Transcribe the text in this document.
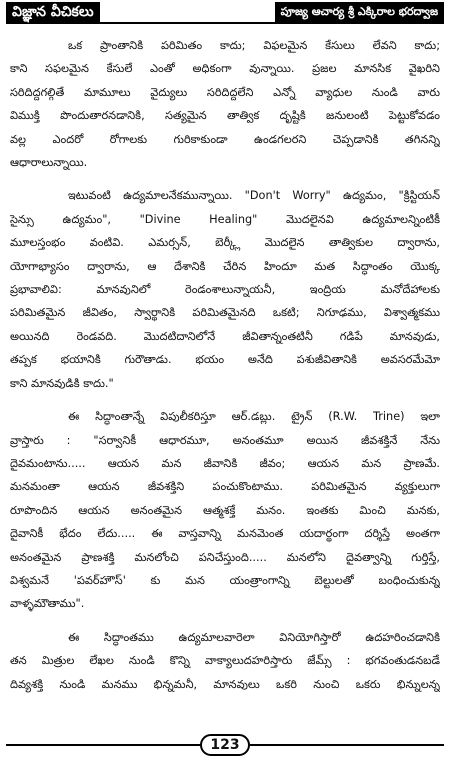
విజ్ఞాన వీచికలు	పూజ్య ఆచార్య శ్రీ ఎక్కిరాల భరద్వాజ
ఒక ప్రాంతానికి పరిమితం కాదు; విఫలమైన కేసులు లేవని కాదు;
కాని సఫలమైన కేసులే ఎంతో అధికంగా వున్నాయి. ప్రజల మానసిక వైఖరిని
సరిదిద్దగల్గితే మామూలు వైద్యులు సరిదిద్దలేని ఎన్నో వ్యాధుల నుండి వారు
విముక్తి పొందుతారనడానికి, సత్యమైన తాత్విక దృష్టికి జనులంటి పెట్టుకోవడం
వల్ల ఎందరో రోగాలకు గురికాకుండా ఉండగలరని చెప్పడానికి తగినన్ని
ఆధారాలున్నాయి.
ఇటువంటి ఉద్యమాలనేకమున్నాయి. "Don't Worry" ఉద్యమం, "క్రిస్టియన్
సైన్సు ఉద్యమం", "Divine Healing" మొదలైనవి ఉద్యమాలన్నింటికీ
మూలస్తంభం వంటివి. ఎమర్సన్, బెర్క్లీ మొదలైన తాత్వికుల ద్వారాను,
యోగాభ్యాసం ద్వారాను, ఆ దేశానికి చేరిన హిందూ మత సిద్ధాంతం యొక్క
ప్రభావాలివి: మానవునిలో రెండంశాలున్నాయనీ, ఇంద్రియ మనోదేహాలకు
పరిమితమైన జీవితం, స్వార్థానికి పరిమితమైనది ఒకటి; నిగూఢము, విశ్వాత్మకము
అయినది రెండవది. మొదటిదానిలోనే జీవితాన్నంతటినీ గడిపే మానవుడు,
తప్పక భయానికి గురౌతాడు. భయం అనేది పశుజీవితానికి అవసరమేమో
కాని మానవుడికి కాదు."
ఈ సిద్ధాంతాన్నే విపులీకరిస్తూ ఆర్.డబ్లు. ట్రైన్ (R.W. Trine) ఇలా
వ్రాస్తారు : "సర్వానికీ ఆధారమూ, అనంతమూ అయిన జీవశక్తినే నేను
దైవమంటాను..... ఆయన మన జీవానికి జీవం; ఆయన మన ప్రాణమే.
మనమంతా ఆయన జీవశక్తిని పంచుకొంటాము. పరిమితమైన వ్యక్తులుగా
రూపొందిన ఆయన అనంతమైన ఆత్మశక్తే మనం. ఇంతకు మించి మనకు,
దైవానికీ భేదం లేదు..... ఈ వాస్తవాన్ని మనమెంత యదార్థంగా దర్శిస్తే అంతగా
అనంతమైన ప్రాణశక్తి మనలోంచి పనిచేస్తుంది..... మనలోని దైవత్వాన్ని గుర్తిస్తే,
విశ్వమనే 'పవర్‌హౌస్' కు మన యంత్రాంగాన్ని బెల్టులతో బంధించుకున్న
వాళ్ళమౌతాము".
ఈ సిద్ధాంతము ఉద్యమాలవారెలా వినియోగిస్తారో ఉదహరించడానికి
తన మిత్రుల లేఖల నుండి కొన్ని వాక్యాలుదహరిస్తారు జేమ్స్ : భగవంతుడనబడే
దివ్యశక్తి నుండి మనము భిన్నమనీ, మానవులు ఒకరి నుంచి ఒకరు భిన్నులన్న
123
